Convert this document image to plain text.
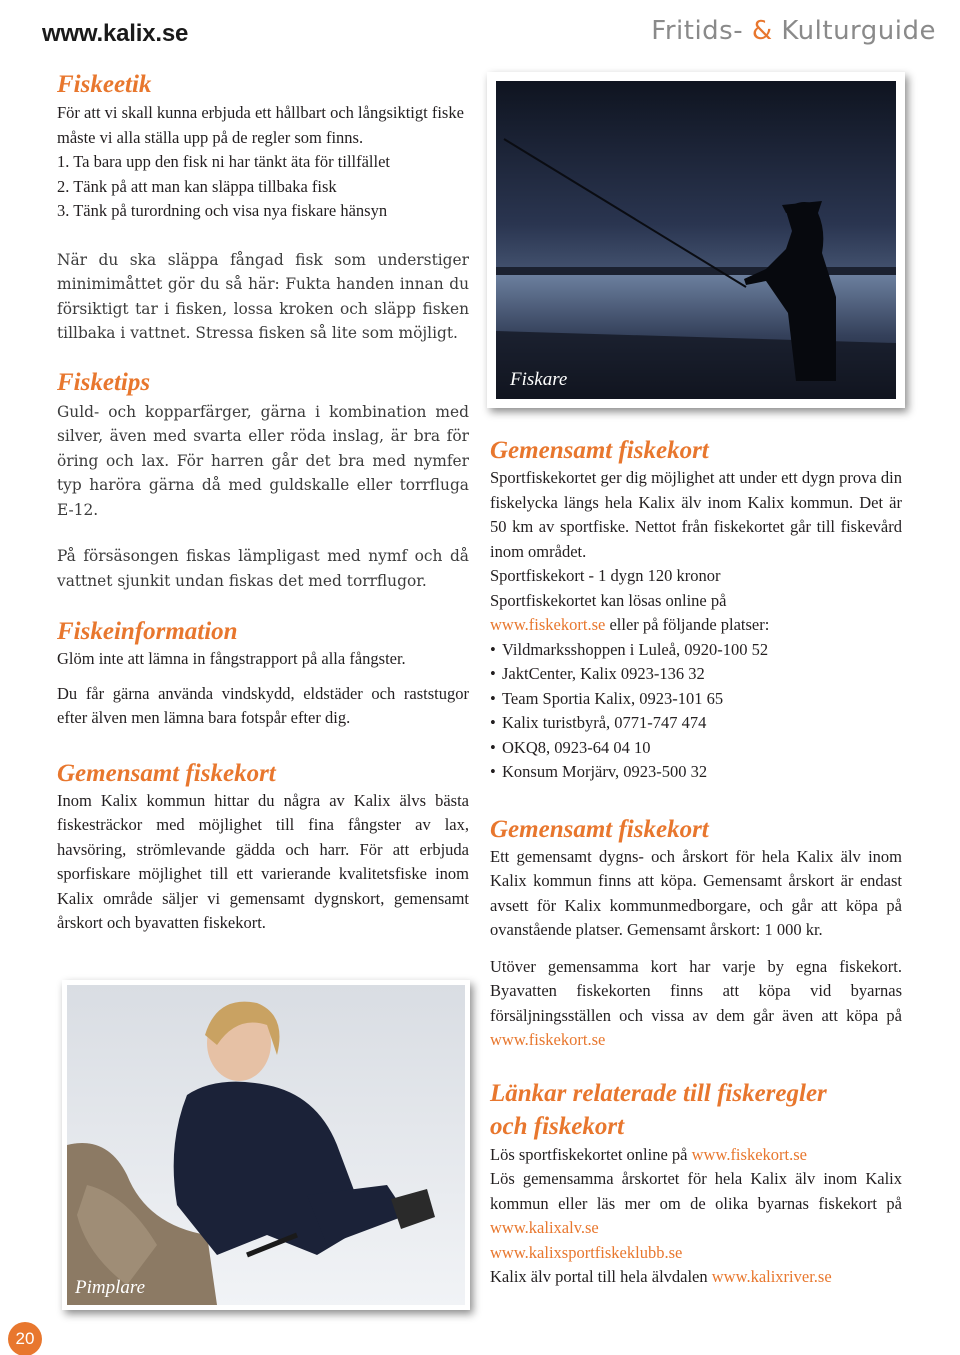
www.kalix.se	Fritids- & Kulturguide
Fiskeetik

För att vi skall kunna erbjuda ett hållbart och långsiktigt fiske måste vi alla ställa upp på de regler som finns.

1. Ta bara upp den fisk ni har tänkt äta för tillfället
2. Tänk på att man kan släppa tillbaka fisk
3. Tänk på turordning och visa nya fiskare hänsyn

När du ska släppa fångad fisk som understiger minimimåttet gör du så här: Fukta handen innan du försiktigt tar i fisken, lossa kroken och släpp fisken tillbaka i vattnet. Stressa fisken så lite som möjligt.

Fisketips

Guld- och kopparfärger, gärna i kombination med silver, även med svarta eller röda inslag, är bra för öring och lax. För harren går det bra med nymfer typ haröra gärna då med guldskalle eller torrfluga E-12.

På försäsongen fiskas lämpligast med nymf och då vattnet sjunkit undan fiskas det med torrflugor.

Fiskeinformation

Glöm inte att lämna in fångstrapport på alla fångster.

Du får gärna använda vindskydd, eldstäder och raststugor efter älven men lämna bara fotspår efter dig.

Gemensamt fiskekort

Inom Kalix kommun hittar du några av Kalix älvs bästa fiskesträckor med möjlighet till fina fångster av lax, havsöring, strömlevande gädda och harr. För att erbjuda sporfiskare möjlighet till ett varierande kvalitetsfiske inom Kalix område säljer vi gemensamt dygnskort, gemensamt årskort och byavatten fiskekort.

Fiskare
Gemensamt fiskekort

Sportfiskekortet ger dig möjlighet att under ett dygn prova din fiskelycka längs hela Kalix älv inom Kalix kommun. Det är 50 km av sportfiske. Nettot från fiskekortet går till fiskevård inom området.

Sportfiskekort - 1 dygn 120 kronor

Sportfiskekortet kan lösas online på

www.fiskekort.se eller på följande platser:

• Vildmarksshoppen i Luleå, 0920-100 52
• JaktCenter, Kalix 0923-136 32
• Team Sportia Kalix, 0923-101 65
• Kalix turistbyrå, 0771-747 474
• OKQ8, 0923-64 04 10
• Konsum Morjärv, 0923-500 32
Gemensamt fiskekort

Ett gemensamt dygns- och årskort för hela Kalix älv inom Kalix kommun finns att köpa. Gemensamt årskort är endast avsett för Kalix kommunmedborgare, och går att köpa på ovanstående platser. Gemensamt årskort: 1 000 kr.

Utöver gemensamma kort har varje by egna fiskekort. Byavatten fiskekorten finns att köpa vid byarnas försäljningsställen och vissa av dem går även att köpa på www.fiskekort.se

Länkar relaterade till fiskeregler
och fiskekort

Lös sportfiskekortet online på www.fiskekort.se

Lös gemensamma årskortet för hela Kalix älv inom Kalix kommun eller läs mer om de olika byarnas fiskekort på www.kalixalv.se

www.kalixsportfiskeklubb.se

Kalix älv portal till hela älvdalen www.kalixriver.se

Pimplare
20
